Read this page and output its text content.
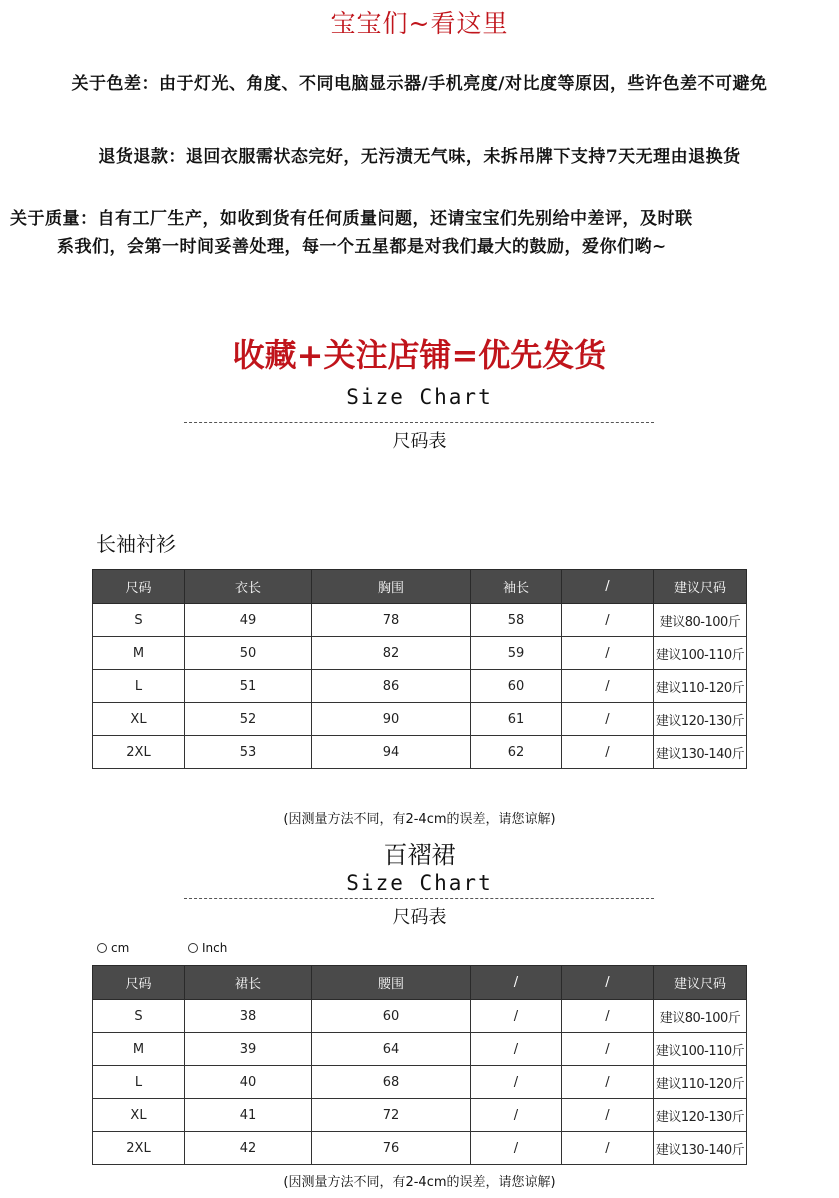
宝宝们~看这里
关于色差：由于灯光、角度、不同电脑显示器/手机亮度/对比度等原因，些许色差不可避免
退货退款：退回衣服需状态完好，无污渍无气味，未拆吊牌下支持7天无理由退换货
关于质量：自有工厂生产，如收到货有任何质量问题，还请宝宝们先别给中差评，及时联
系我们，会第一时间妥善处理，每一个五星都是对我们最大的鼓励，爱你们哟~
收藏+关注店铺=优先发货
Size Chart
尺码表
长袖衬衫
尺码	衣长	胸围	袖长	/	建议尺码
S	49	78	58	/	建议80-100斤
M	50	82	59	/	建议100-110斤
L	51	86	60	/	建议110-120斤
XL	52	90	61	/	建议120-130斤
2XL	53	94	62	/	建议130-140斤
(因测量方法不同，有2-4cm的误差，请您谅解)
百褶裙
Size Chart
尺码表
cm	Inch
尺码	裙长	腰围	/	/	建议尺码
S	38	60	/	/	建议80-100斤
M	39	64	/	/	建议100-110斤
L	40	68	/	/	建议110-120斤
XL	41	72	/	/	建议120-130斤
2XL	42	76	/	/	建议130-140斤
(因测量方法不同，有2-4cm的误差，请您谅解)
